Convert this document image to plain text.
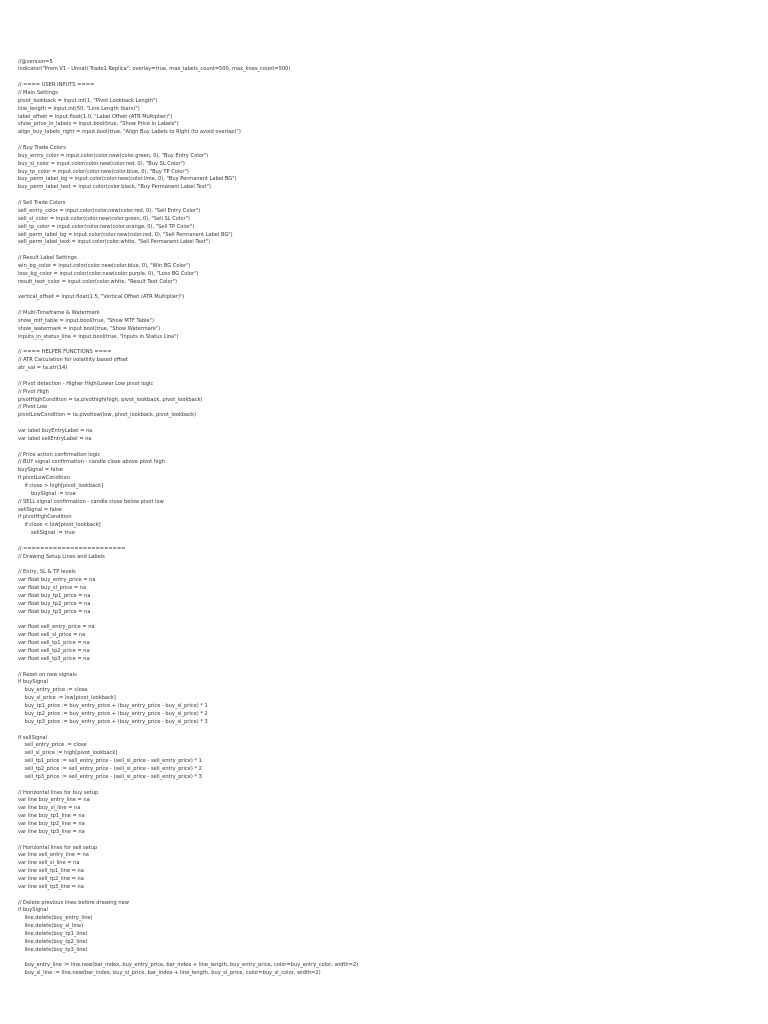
//@version=5
indicator("Prem V1 - Unnati Trade1 Replica", overlay=true, max_labels_count=500, max_lines_count=500)
// ==== USER INPUTS ====
// Main Settings
pivot_lookback = input.int(1, "Pivot Lookback Length")
line_length = input.int(50, "Line Length (bars)")
label_offset = input.float(1.0, "Label Offset (ATR Multiplier)")
show_price_in_labels = input.bool(true, "Show Price in Labels")
align_buy_labels_right = input.bool(true, "Align Buy Labels to Right (to avoid overlap)")
// Buy Trade Colors
buy_entry_color = input.color(color.new(color.green, 0), "Buy Entry Color")
buy_sl_color = input.color(color.new(color.red, 0), "Buy SL Color")
buy_tp_color = input.color(color.new(color.blue, 0), "Buy TP Color")
buy_perm_label_bg = input.color(color.new(color.lime, 0), "Buy Permanent Label BG")
buy_perm_label_text = input.color(color.black, "Buy Permanent Label Text")
// Sell Trade Colors
sell_entry_color = input.color(color.new(color.red, 0), "Sell Entry Color")
sell_sl_color = input.color(color.new(color.green, 0), "Sell SL Color")
sell_tp_color = input.color(color.new(color.orange, 0), "Sell TP Color")
sell_perm_label_bg = input.color(color.new(color.red, 0), "Sell Permanent Label BG")
sell_perm_label_text = input.color(color.white, "Sell Permanent Label Text")
// Result Label Settings
win_bg_color = input.color(color.new(color.blue, 0), "Win BG Color")
loss_bg_color = input.color(color.new(color.purple, 0), "Loss BG Color")
result_text_color = input.color(color.white, "Result Text Color")
vertical_offset = input.float(1.5, "Vertical Offset (ATR Multiplier)")
// Multi-Timeframe & Watermark
show_mtf_table = input.bool(true, "Show MTF Table")
show_watermark = input.bool(true, "Show Watermark")
inputs_in_status_line = input.bool(true, "Inputs in Status Line")
// ==== HELPER FUNCTIONS ====
// ATR Calculation for volatility based offset
atr_val = ta.atr(14)
// Pivot detection - Higher High/Lower Low pivot logic
// Pivot High
pivotHighCondition = ta.pivothigh(high, pivot_lookback, pivot_lookback)
// Pivot Low
pivotLowCondition = ta.pivotlow(low, pivot_lookback, pivot_lookback)
var label buyEntryLabel = na
var label sellEntryLabel = na
// Price action confirmation logic
// BUY signal confirmation - candle close above pivot high
buySignal = false
if pivotLowCondition
if close > high[pivot_lookback]
buySignal := true
// SELL signal confirmation - candle close below pivot low
sellSignal = false
if pivotHighCondition
if close < low[pivot_lookback]
sellSignal := true
// ========================
// Drawing Setup Lines and Labels
// Entry, SL & TP levels
var float buy_entry_price = na
var float buy_sl_price = na
var float buy_tp1_price = na
var float buy_tp2_price = na
var float buy_tp3_price = na
var float sell_entry_price = na
var float sell_sl_price = na
var float sell_tp1_price = na
var float sell_tp2_price = na
var float sell_tp3_price = na
// Reset on new signals
if buySignal
buy_entry_price := close
buy_sl_price := low[pivot_lookback]
buy_tp1_price := buy_entry_price + (buy_entry_price - buy_sl_price) * 1
buy_tp2_price := buy_entry_price + (buy_entry_price - buy_sl_price) * 2
buy_tp3_price := buy_entry_price + (buy_entry_price - buy_sl_price) * 3
if sellSignal
sell_entry_price := close
sell_sl_price := high[pivot_lookback]
sell_tp1_price := sell_entry_price - (sell_sl_price - sell_entry_price) * 1
sell_tp2_price := sell_entry_price - (sell_sl_price - sell_entry_price) * 2
sell_tp3_price := sell_entry_price - (sell_sl_price - sell_entry_price) * 3
// Horizontal lines for buy setup
var line buy_entry_line = na
var line buy_sl_line = na
var line buy_tp1_line = na
var line buy_tp2_line = na
var line buy_tp3_line = na
// Horizontal lines for sell setup
var line sell_entry_line = na
var line sell_sl_line = na
var line sell_tp1_line = na
var line sell_tp2_line = na
var line sell_tp3_line = na
// Delete previous lines before drawing new
if buySignal
line.delete(buy_entry_line)
line.delete(buy_sl_line)
line.delete(buy_tp1_line)
line.delete(buy_tp2_line)
line.delete(buy_tp3_line)
buy_entry_line := line.new(bar_index, buy_entry_price, bar_index + line_length, buy_entry_price, color=buy_entry_color, width=2)
buy_sl_line := line.new(bar_index, buy_sl_price, bar_index + line_length, buy_sl_price, color=buy_sl_color, width=2)
